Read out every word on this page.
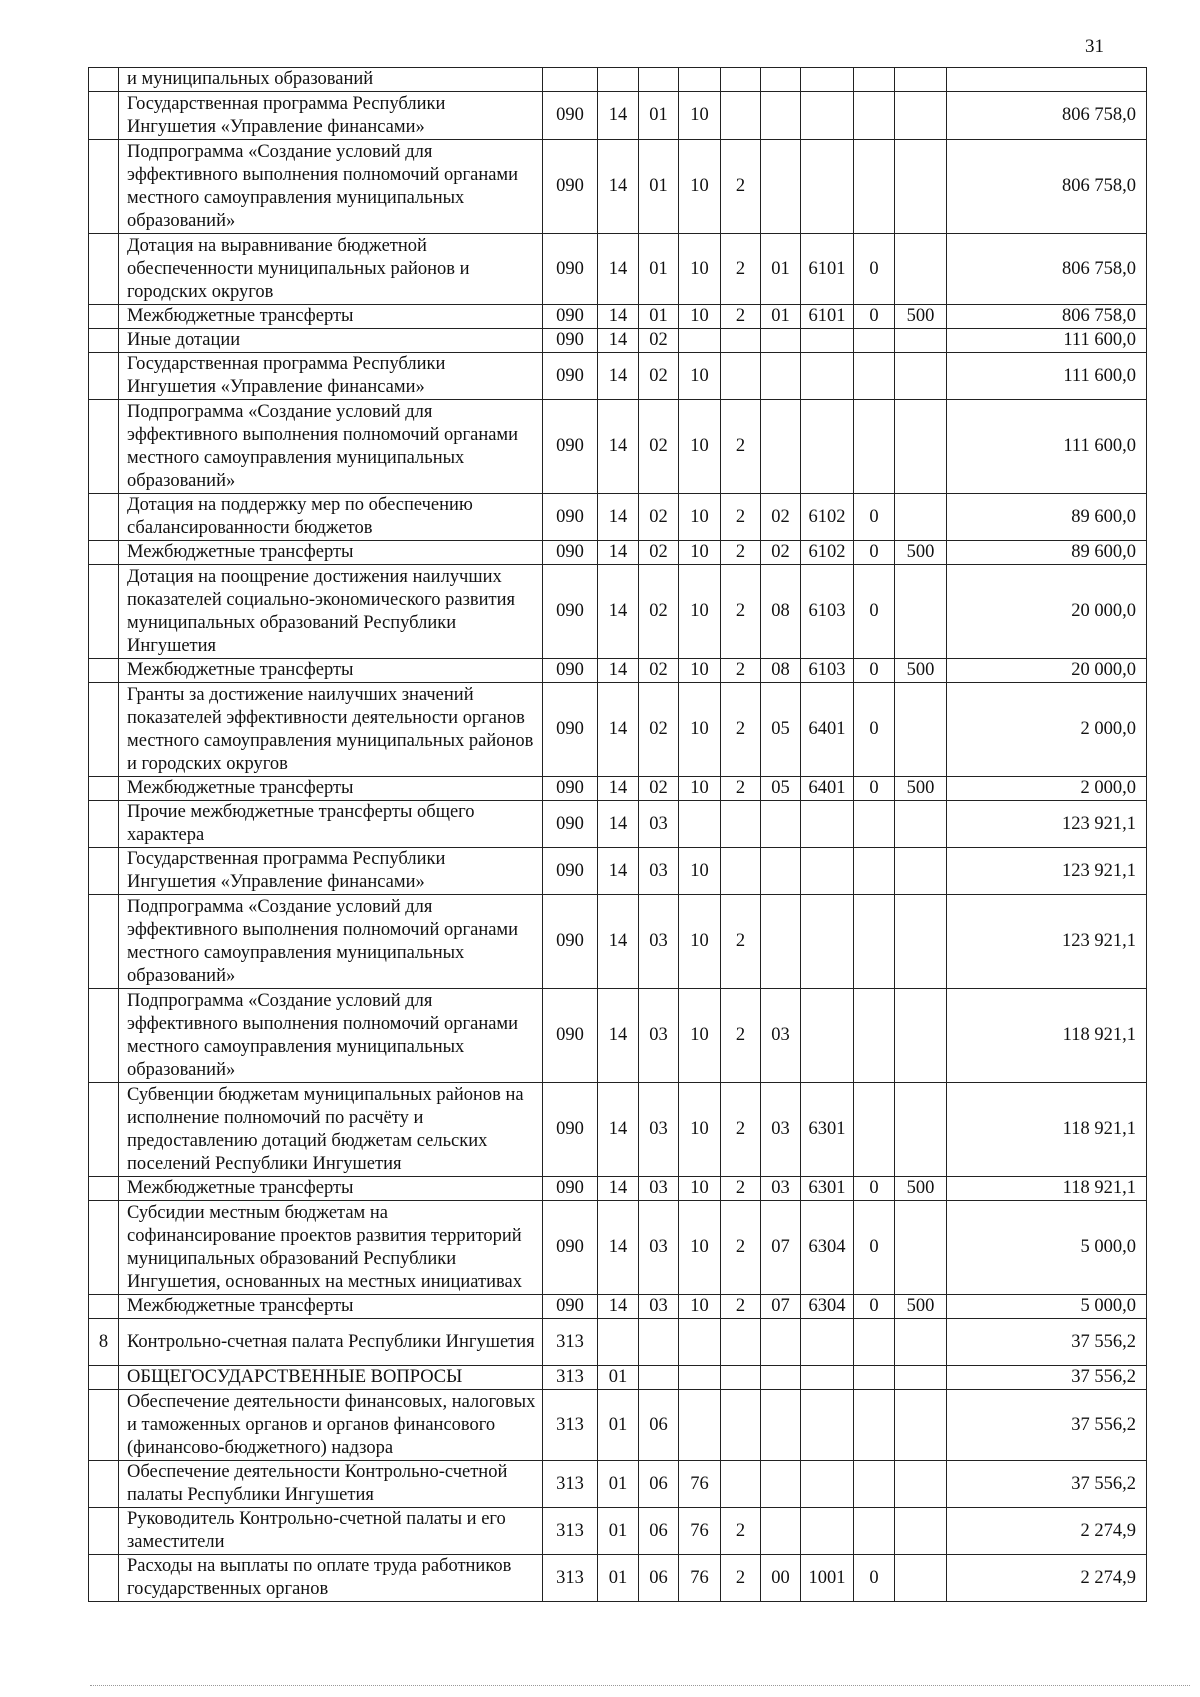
31
	и муниципальных образований										
	Государственная программа Республики Ингушетия «Управление финансами»	090	14	01	10						806 758,0
	Подпрограмма «Создание условий для эффективного выполнения полномочий органами местного самоуправления муниципальных образований»	090	14	01	10	2					806 758,0
	Дотация на выравнивание бюджетной обеспеченности муниципальных районов и городских округов	090	14	01	10	2	01	6101	0		806 758,0
	Межбюджетные трансферты	090	14	01	10	2	01	6101	0	500	806 758,0
	Иные дотации	090	14	02							111 600,0
	Государственная программа Республики Ингушетия «Управление финансами»	090	14	02	10						111 600,0
	Подпрограмма «Создание условий для эффективного выполнения полномочий органами местного самоуправления муниципальных образований»	090	14	02	10	2					111 600,0
	Дотация на поддержку мер по обеспечению сбалансированности бюджетов	090	14	02	10	2	02	6102	0		89 600,0
	Межбюджетные трансферты	090	14	02	10	2	02	6102	0	500	89 600,0
	Дотация на поощрение достижения наилучших показателей социально-экономического развития муниципальных образований Республики Ингушетия	090	14	02	10	2	08	6103	0		20 000,0
	Межбюджетные трансферты	090	14	02	10	2	08	6103	0	500	20 000,0
	Гранты за достижение наилучших значений показателей эффективности деятельности органов местного самоуправления муниципальных районов и городских округов	090	14	02	10	2	05	6401	0		2 000,0
	Межбюджетные трансферты	090	14	02	10	2	05	6401	0	500	2 000,0
	Прочие межбюджетные трансферты общего характера	090	14	03							123 921,1
	Государственная программа Республики Ингушетия «Управление финансами»	090	14	03	10						123 921,1
	Подпрограмма «Создание условий для эффективного выполнения полномочий органами местного самоуправления муниципальных образований»	090	14	03	10	2					123 921,1
	Подпрограмма «Создание условий для эффективного выполнения полномочий органами местного самоуправления муниципальных образований»	090	14	03	10	2	03				118 921,1
	Субвенции бюджетам муниципальных районов на исполнение полномочий по расчёту и предоставлению дотаций бюджетам сельских поселений Республики Ингушетия	090	14	03	10	2	03	6301			118 921,1
	Межбюджетные трансферты	090	14	03	10	2	03	6301	0	500	118 921,1
	Субсидии местным бюджетам на софинансирование проектов развития территорий муниципальных образований Республики Ингушетия, основанных на местных инициативах	090	14	03	10	2	07	6304	0		5 000,0
	Межбюджетные трансферты	090	14	03	10	2	07	6304	0	500	5 000,0
8	Контрольно-счетная палата Республики Ингушетия	313									37 556,2
	ОБЩЕГОСУДАРСТВЕННЫЕ ВОПРОСЫ	313	01								37 556,2
	Обеспечение деятельности финансовых, налоговых и таможенных органов и органов финансового (финансово-бюджетного) надзора	313	01	06							37 556,2
	Обеспечение деятельности Контрольно-счетной палаты Республики Ингушетия	313	01	06	76						37 556,2
	Руководитель Контрольно-счетной палаты и его заместители	313	01	06	76	2					2 274,9
	Расходы на выплаты по оплате труда работников государственных органов	313	01	06	76	2	00	1001	0		2 274,9
